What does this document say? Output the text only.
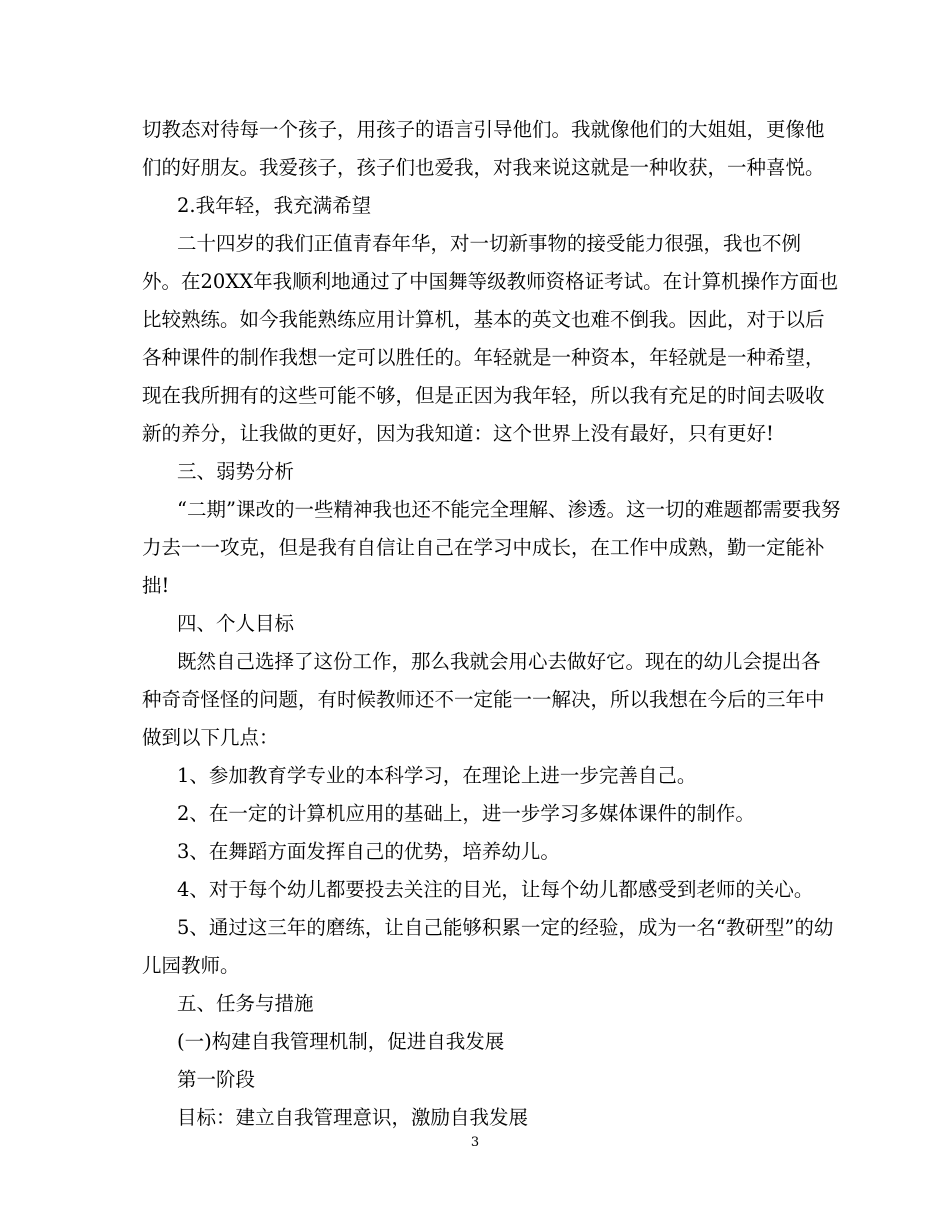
切教态对待每一个孩子，用孩子的语言引导他们。我就像他们的大姐姐，更像他
们的好朋友。我爱孩子，孩子们也爱我，对我来说这就是一种收获，一种喜悦。
2.我年轻，我充满希望
二十四岁的我们正值青春年华，对一切新事物的接受能力很强，我也不例
外。在20XX年我顺利地通过了中国舞等级教师资格证考试。在计算机操作方面也
比较熟练。如今我能熟练应用计算机，基本的英文也难不倒我。因此，对于以后
各种课件的制作我想一定可以胜任的。年轻就是一种资本，年轻就是一种希望，
现在我所拥有的这些可能不够，但是正因为我年轻，所以我有充足的时间去吸收
新的养分，让我做的更好，因为我知道：这个世界上没有最好，只有更好!
三、弱势分析
“二期”课改的一些精神我也还不能完全理解、渗透。这一切的难题都需要我努
力去一一攻克，但是我有自信让自己在学习中成长，在工作中成熟，勤一定能补
拙!
四、个人目标
既然自己选择了这份工作，那么我就会用心去做好它。现在的幼儿会提出各
种奇奇怪怪的问题，有时候教师还不一定能一一解决，所以我想在今后的三年中
做到以下几点：
1、参加教育学专业的本科学习，在理论上进一步完善自己。
2、在一定的计算机应用的基础上，进一步学习多媒体课件的制作。
3、在舞蹈方面发挥自己的优势，培养幼儿。
4、对于每个幼儿都要投去关注的目光，让每个幼儿都感受到老师的关心。
5、通过这三年的磨练，让自己能够积累一定的经验，成为一名“教研型”的幼
儿园教师。
五、任务与措施
(一)构建自我管理机制，促进自我发展
第一阶段
目标：建立自我管理意识，激励自我发展
3
